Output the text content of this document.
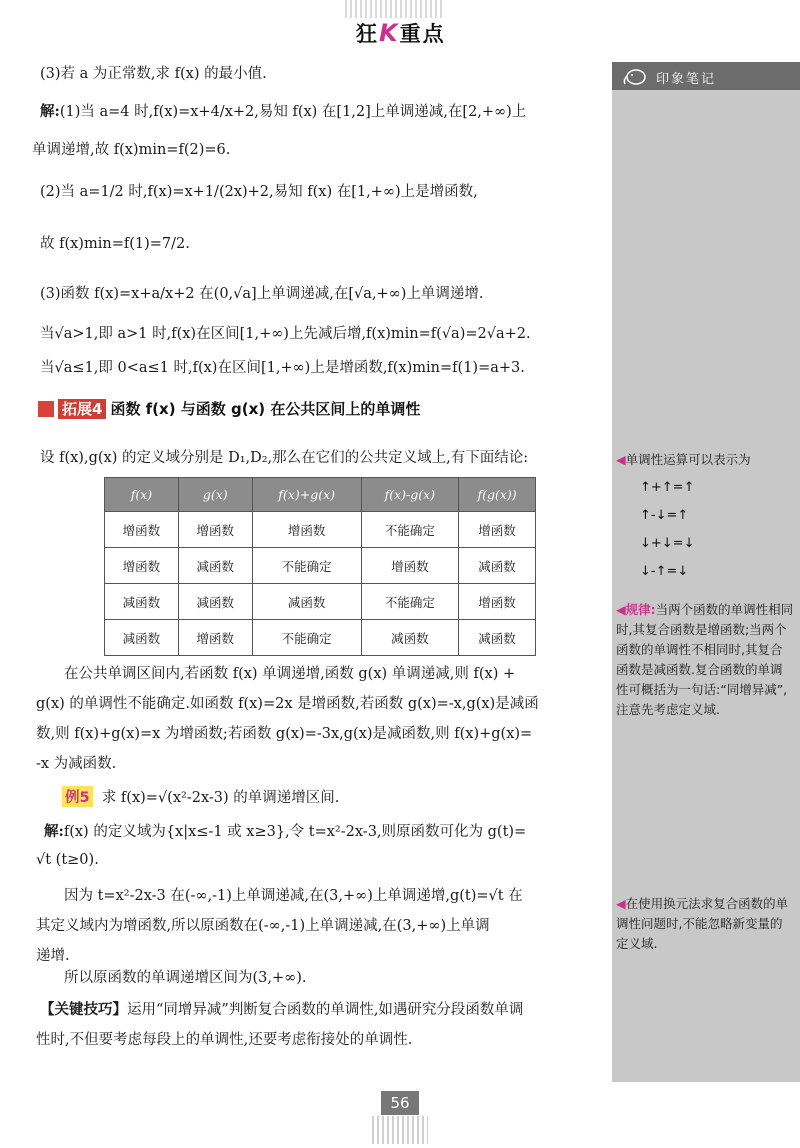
狂K重点
印象笔记
◀单调性运算可以表示为
↑+↑=↑
↑-↓=↑
↓+↓=↓
↓-↑=↓
◀规律:当两个函数的单调性相同时,其复合函数是增函数;当两个函数的单调性不相同时,其复合函数是减函数.复合函数的单调性可概括为一句话:“同增异减”,注意先考虑定义域.
◀在使用换元法求复合函数的单调性问题时,不能忽略新变量的定义域.
(3)若 a 为正常数,求 f(x) 的最小值.
解:(1)当 a=4 时,f(x)=x+4/x+2,易知 f(x) 在[1,2]上单调递减,在[2,+∞)上
单调递增,故 f(x)min=f(2)=6.
(2)当 a=1/2 时,f(x)=x+1/(2x)+2,易知 f(x) 在[1,+∞)上是增函数,
故 f(x)min=f(1)=7/2.
(3)函数 f(x)=x+a/x+2 在(0,√a]上单调递减,在[√a,+∞)上单调递增.
当√a>1,即 a>1 时,f(x)在区间[1,+∞)上先减后增,f(x)min=f(√a)=2√a+2.
当√a≤1,即 0<a≤1 时,f(x)在区间[1,+∞)上是增函数,f(x)min=f(1)=a+3.
拓展4 函数 f(x) 与函数 g(x) 在公共区间上的单调性
设 f(x),g(x) 的定义域分别是 D₁,D₂,那么在它们的公共定义域上,有下面结论:
f(x)	g(x)	f(x)+g(x)	f(x)-g(x)	f(g(x))
增函数	增函数	增函数	不能确定	增函数
增函数	减函数	不能确定	增函数	减函数
减函数	减函数	减函数	不能确定	增函数
减函数	增函数	不能确定	减函数	减函数
在公共单调区间内,若函数 f(x) 单调递增,函数 g(x) 单调递减,则 f(x) +
g(x) 的单调性不能确定.如函数 f(x)=2x 是增函数,若函数 g(x)=-x,g(x)是减函
数,则 f(x)+g(x)=x 为增函数;若函数 g(x)=-3x,g(x)是减函数,则 f(x)+g(x)=
-x 为减函数.
例5 求 f(x)=√(x²-2x-3) 的单调递增区间.
解:f(x) 的定义域为{x|x≤-1 或 x≥3},令 t=x²-2x-3,则原函数可化为 g(t)=
√t (t≥0).
因为 t=x²-2x-3 在(-∞,-1)上单调递减,在(3,+∞)上单调递增,g(t)=√t 在
其定义域内为增函数,所以原函数在(-∞,-1)上单调递减,在(3,+∞)上单调
递增.
所以原函数的单调递增区间为(3,+∞).
【关键技巧】运用“同增异减”判断复合函数的单调性,如遇研究分段函数单调
性时,不但要考虑每段上的单调性,还要考虑衔接处的单调性.
56
